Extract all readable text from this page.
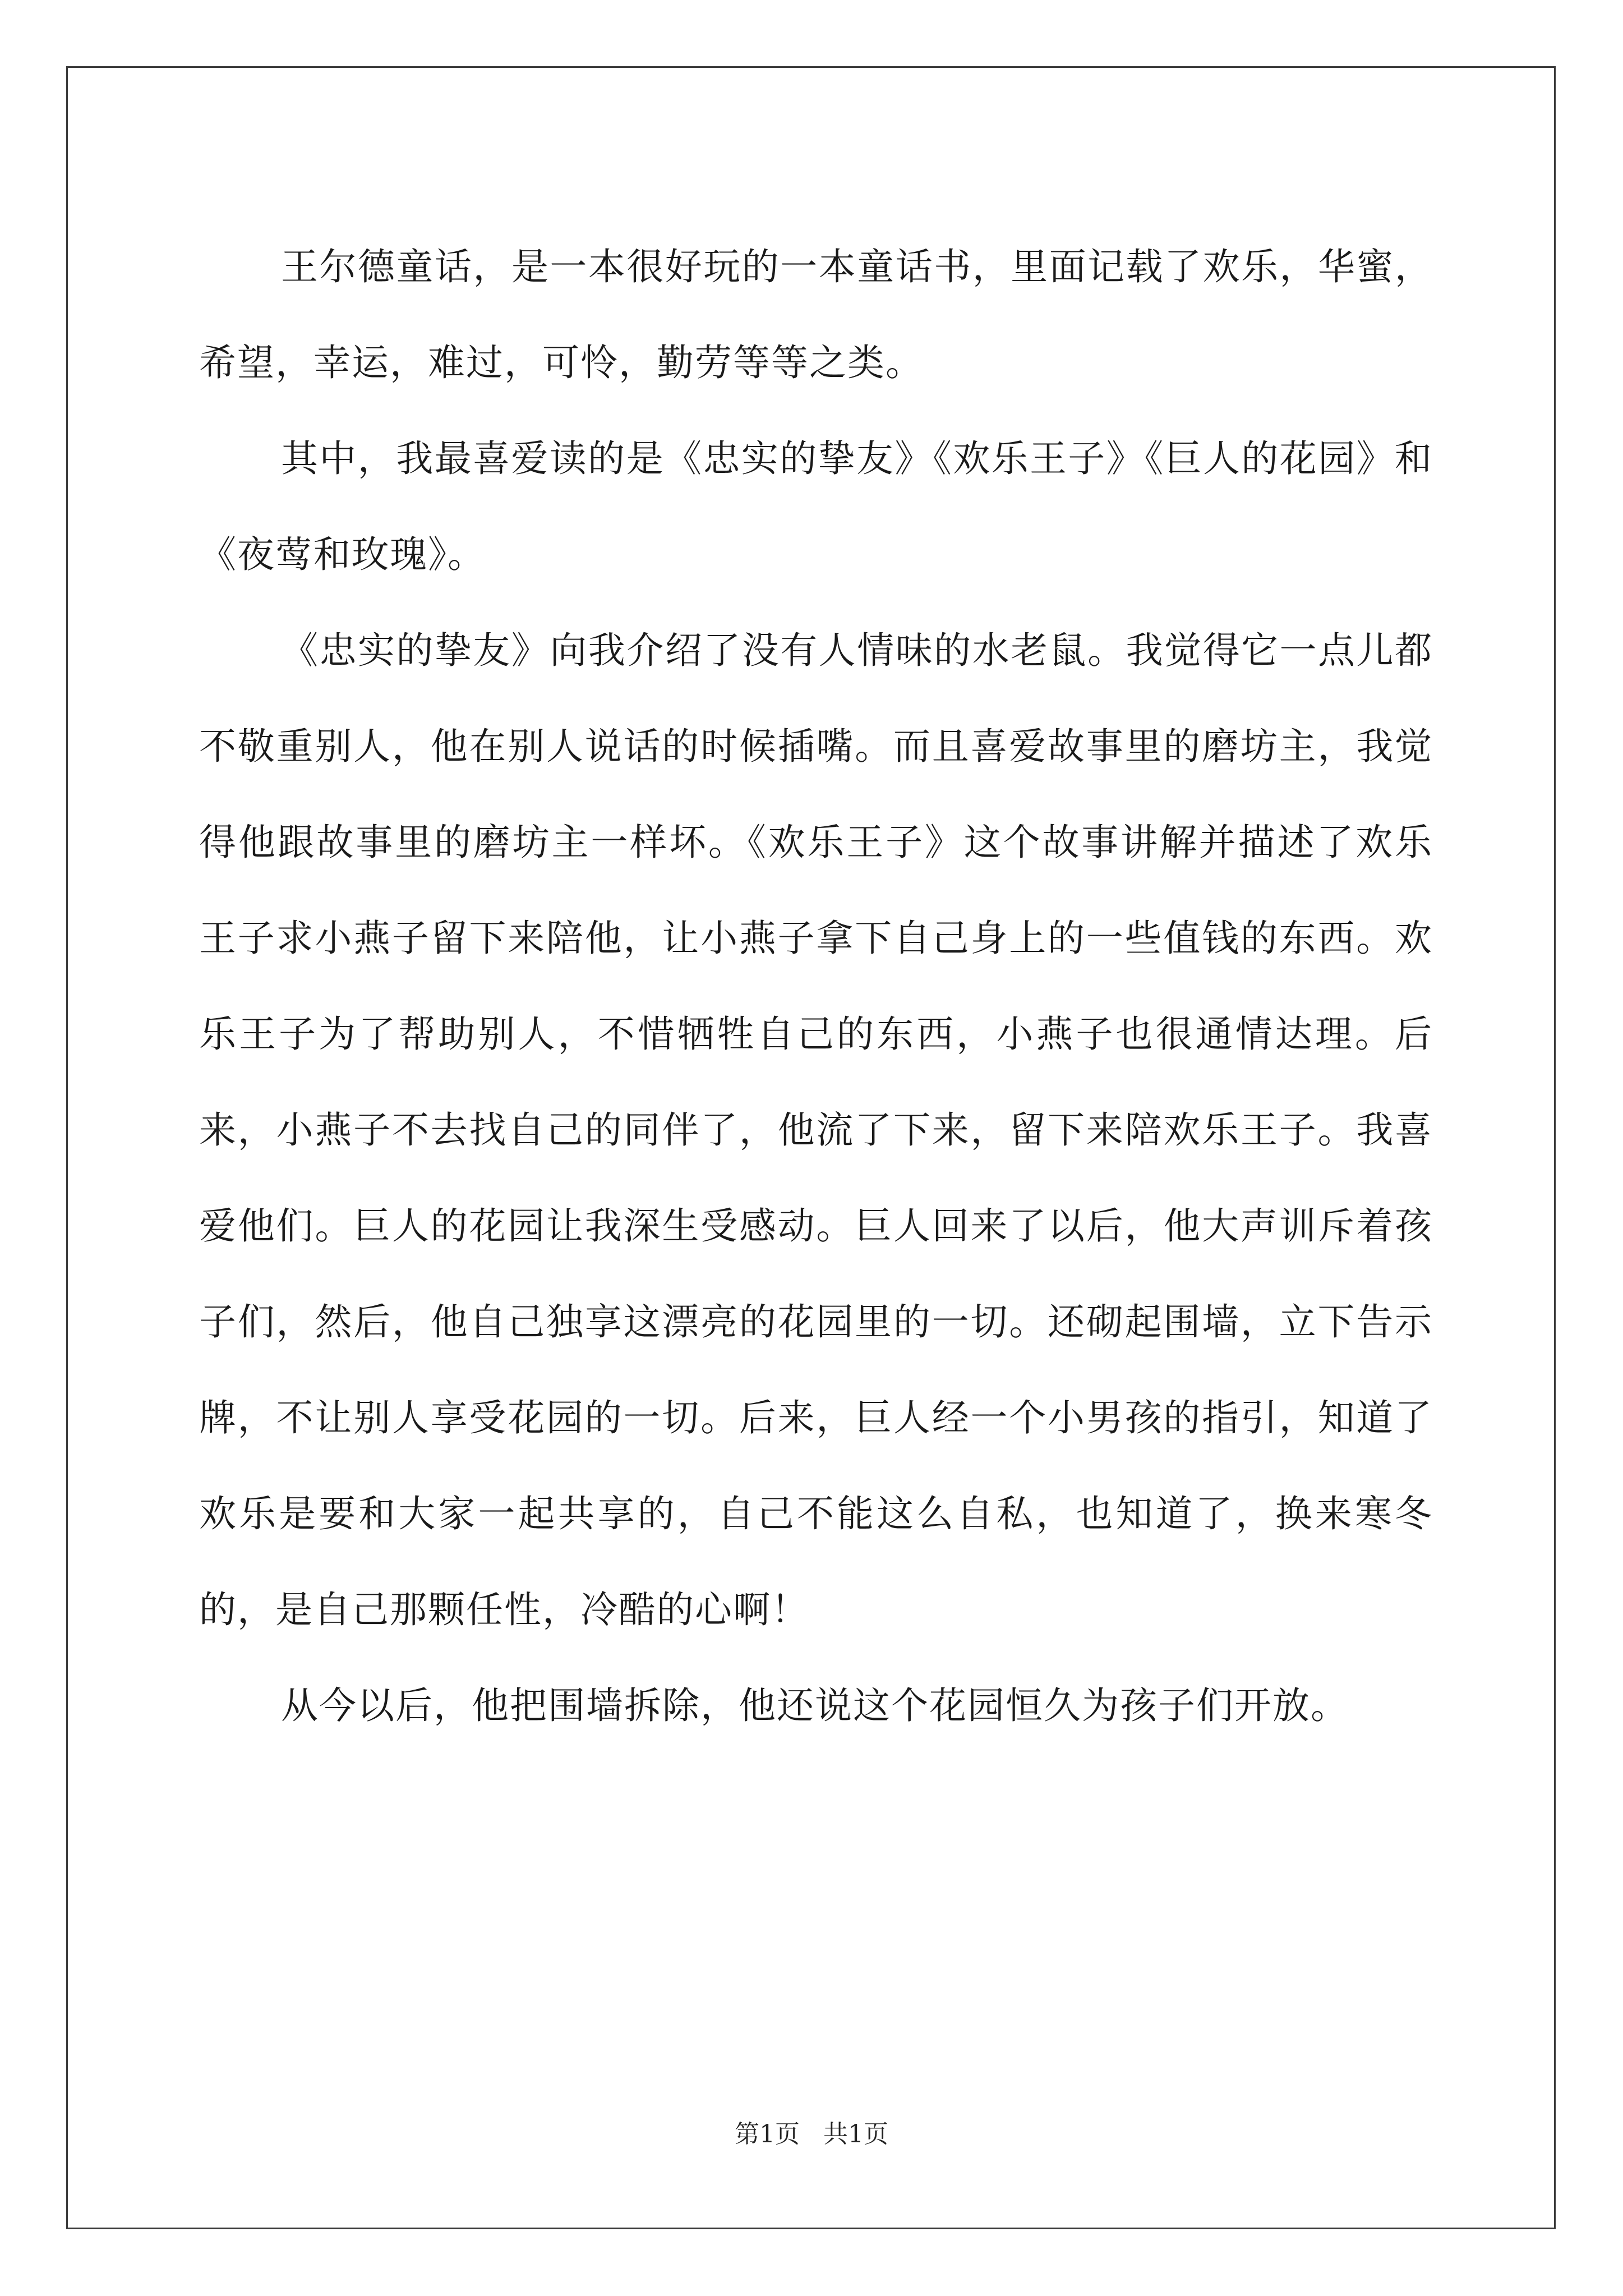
王尔德童话，是一本很好玩的一本童话书，里面记载了欢乐，华蜜，希望，幸运，难过，可怜，勤劳等等之类。

其中，我最喜爱读的是《忠实的挚友》《欢乐王子》《巨人的花园》和《夜莺和玫瑰》。

《忠实的挚友》向我介绍了没有人情味的水老鼠。我觉得它一点儿都不敬重别人，他在别人说话的时候插嘴。而且喜爱故事里的磨坊主，我觉得他跟故事里的磨坊主一样坏。《欢乐王子》这个故事讲解并描述了欢乐王子求小燕子留下来陪他，让小燕子拿下自己身上的一些值钱的东西。欢乐王子为了帮助别人，不惜牺牲自己的东西，小燕子也很通情达理。后来，小燕子不去找自己的同伴了，他流了下来，留下来陪欢乐王子。我喜爱他们。巨人的花园让我深生受感动。巨人回来了以后，他大声训斥着孩子们，然后，他自己独享这漂亮的花园里的一切。还砌起围墙，立下告示牌，不让别人享受花园的一切。后来，巨人经一个小男孩的指引，知道了欢乐是要和大家一起共享的，自己不能这么自私，也知道了，换来寒冬的，是自己那颗任性，冷酷的心啊！

从今以后，他把围墙拆除，他还说这个花园恒久为孩子们开放。

第1页 共1页
